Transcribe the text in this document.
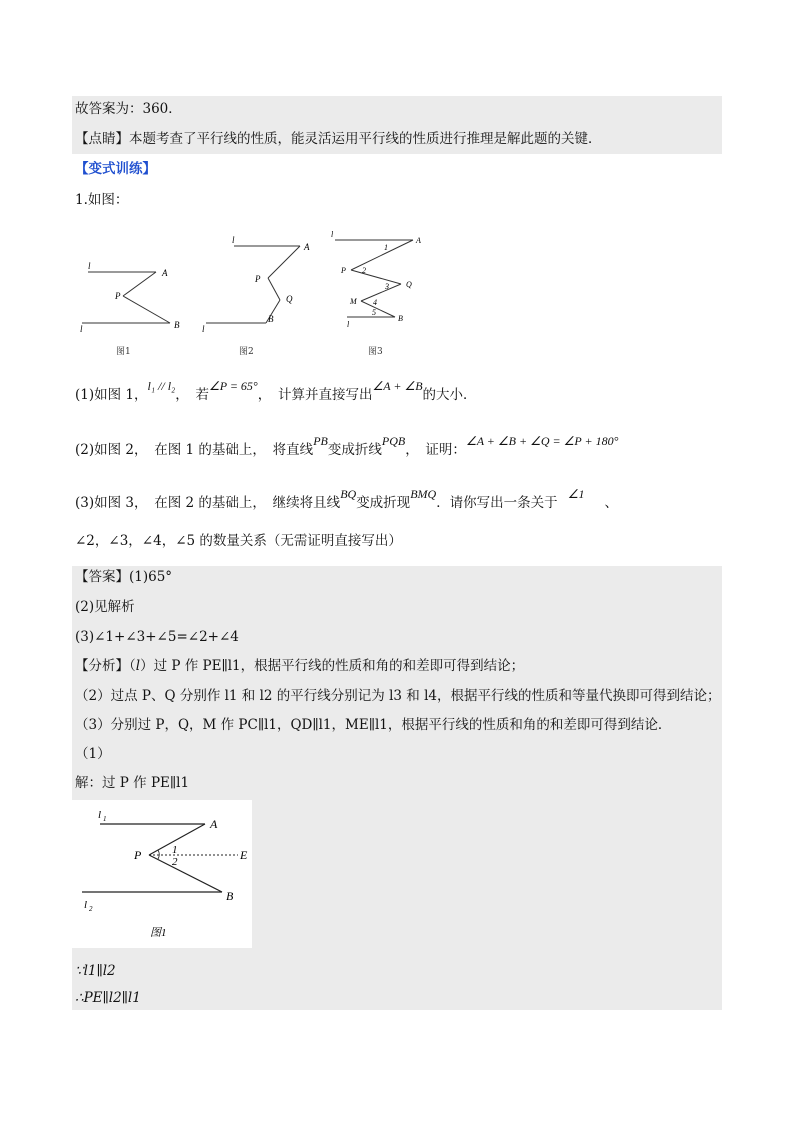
故答案为：360．
【点睛】本题考查了平行线的性质，能灵活运用平行线的性质进行推理是解此题的关键．
【变式训练】
1.如图：
l
A
P
B
l
图1
l
A
P
Q
B
l
图2
l
A
1
P 2
Q
3
M 4
5
B
l
图3
(1)如图 1，l₁ // l₂，　若∠P = 65°，　计算并直接写出∠A + ∠B的大小．
(2)如图 2，　在图 1 的基础上，　将直线PB变成折线PQB，　证明：∠A + ∠B + ∠Q = ∠P + 180°
(3)如图 3，　在图 2 的基础上，　继续将且线BQ变成折现BMQ．请你写出一条关于∠1、
∠2，∠3，∠4，∠5 的数量关系（无需证明直接写出）
【答案】(1)65°
(2)见解析
(3)∠1+∠3+∠5=∠2+∠4
【分析】（l）过 P 作 PE∥l1，根据平行线的性质和角的和差即可得到结论；
（2）过点 P、Q 分别作 l1 和 l2 的平行线分别记为 l3 和 l4，根据平行线的性质和等量代换即可得到结论；
（3）分别过 P，Q，M 作 PC∥l1，QD∥l1，ME∥l1，根据平行线的性质和角的和差即可得到结论．
（1）
解：过 P 作 PE∥l1
l 1	A
P	1
2	E
B
l 2
图1
∵l1∥l2
∴PE∥l2∥l1
